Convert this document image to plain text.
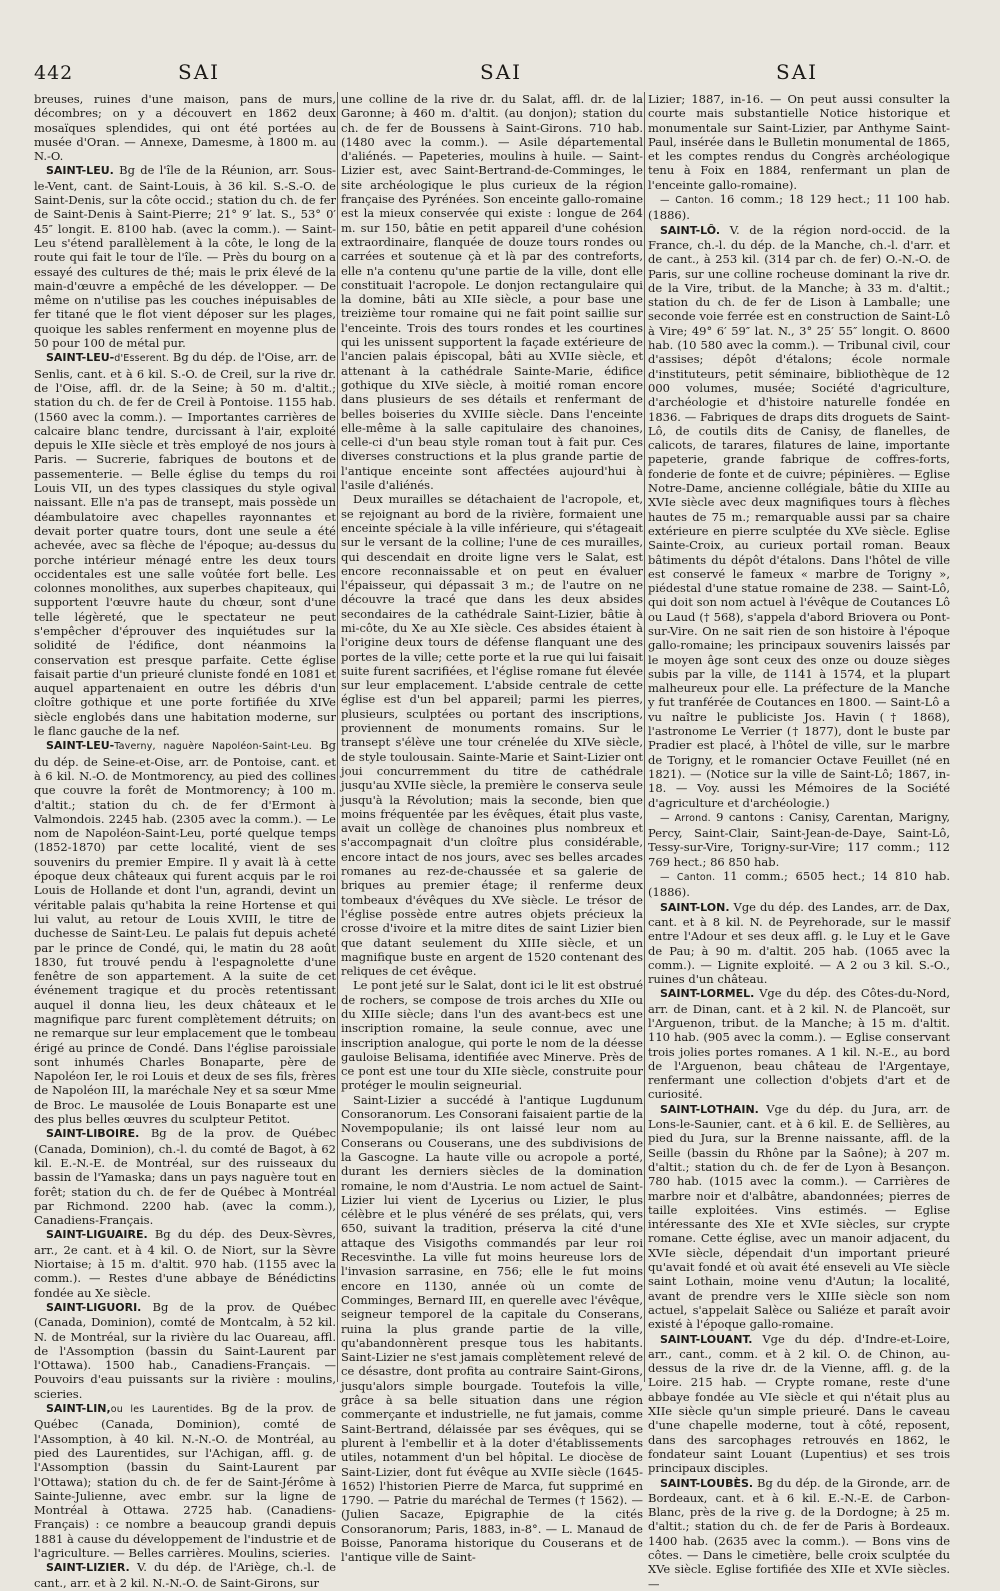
442	SAI	SAI	SAI

breuses, ruines d'une maison, pans de murs, décombres; on y a découvert en 1862 deux mosaïques splendides, qui ont été portées au musée d'Oran. — Annexe, Damesme, à 1800 m. au N.-O.

SAINT-LEU. Bg de l'île de la Réunion, arr. Sous-le-Vent, cant. de Saint-Louis, à 36 kil. S.-S.-O. de Saint-Denis, sur la côte occid.; station du ch. de fer de Saint-Denis à Saint-Pierre; 21° 9′ lat. S., 53° 0′ 45″ longit. E. 8100 hab. (avec la comm.). — Saint-Leu s'étend parallèlement à la côte, le long de la route qui fait le tour de l'île. — Près du bourg on a essayé des cultures de thé; mais le prix élevé de la main-d'œuvre a empêché de les développer. — De même on n'utilise pas les couches inépuisables de fer titané que le flot vient déposer sur les plages, quoique les sables renferment en moyenne plus de 50 pour 100 de métal pur.

SAINT-LEU-d'Esserent. Bg du dép. de l'Oise, arr. de Senlis, cant. et à 6 kil. S.-O. de Creil, sur la rive dr. de l'Oise, affl. dr. de la Seine; à 50 m. d'altit.; station du ch. de fer de Creil à Pontoise. 1155 hab. (1560 avec la comm.). — Importantes carrières de calcaire blanc tendre, durcissant à l'air, exploité depuis le XIIe siècle et très employé de nos jours à Paris. — Sucrerie, fabriques de boutons et de passementerie. — Belle église du temps du roi Louis VII, un des types classiques du style ogival naissant. Elle n'a pas de transept, mais possède un déambulatoire avec chapelles rayonnantes et devait porter quatre tours, dont une seule a été achevée, avec sa flèche de l'époque; au-dessus du porche intérieur ménagé entre les deux tours occidentales est une salle voûtée fort belle. Les colonnes monolithes, aux superbes chapiteaux, qui supportent l'œuvre haute du chœur, sont d'une telle légèreté, que le spectateur ne peut s'empêcher d'éprouver des inquiétudes sur la solidité de l'édifice, dont néanmoins la conservation est presque parfaite. Cette église faisait partie d'un prieuré cluniste fondé en 1081 et auquel appartenaient en outre les débris d'un cloître gothique et une porte fortifiée du XIVe siècle englobés dans une habitation moderne, sur le flanc gauche de la nef.

SAINT-LEU-Taverny, naguère Napoléon-Saint-Leu. Bg du dép. de Seine-et-Oise, arr. de Pontoise, cant. et à 6 kil. N.-O. de Montmorency, au pied des collines que couvre la forêt de Montmorency; à 100 m. d'altit.; station du ch. de fer d'Ermont à Valmondois. 2245 hab. (2305 avec la comm.). — Le nom de Napoléon-Saint-Leu, porté quelque temps (1852-1870) par cette localité, vient de ses souvenirs du premier Empire. Il y avait là à cette époque deux châteaux qui furent acquis par le roi Louis de Hollande et dont l'un, agrandi, devint un véritable palais qu'habita la reine Hortense et qui lui valut, au retour de Louis XVIII, le titre de duchesse de Saint-Leu. Le palais fut depuis acheté par le prince de Condé, qui, le matin du 28 août 1830, fut trouvé pendu à l'espagnolette d'une fenêtre de son appartement. A la suite de cet événement tragique et du procès retentissant auquel il donna lieu, les deux châteaux et le magnifique parc furent complètement détruits; on ne remarque sur leur emplacement que le tombeau érigé au prince de Condé. Dans l'église paroissiale sont inhumés Charles Bonaparte, père de Napoléon Ier, le roi Louis et deux de ses fils, frères de Napoléon III, la maréchale Ney et sa sœur Mme de Broc. Le mausolée de Louis Bonaparte est une des plus belles œuvres du sculpteur Petitot.

SAINT-LIBOIRE. Bg de la prov. de Québec (Canada, Dominion), ch.-l. du comté de Bagot, à 62 kil. E.-N.-E. de Montréal, sur des ruisseaux du bassin de l'Yamaska; dans un pays naguère tout en forêt; station du ch. de fer de Québec à Montréal par Richmond. 2200 hab. (avec la comm.), Canadiens-Français.

SAINT-LIGUAIRE. Bg du dép. des Deux-Sèvres, arr., 2e cant. et à 4 kil. O. de Niort, sur la Sèvre Niortaise; à 15 m. d'altit. 970 hab. (1155 avec la comm.). — Restes d'une abbaye de Bénédictins fondée au Xe siècle.

SAINT-LIGUORI. Bg de la prov. de Québec (Canada, Dominion), comté de Montcalm, à 52 kil. N. de Montréal, sur la rivière du lac Ouareau, affl. de l'Assomption (bassin du Saint-Laurent par l'Ottawa). 1500 hab., Canadiens-Français. — Pouvoirs d'eau puissants sur la rivière : moulins, scieries.

SAINT-LIN,ou les Laurentides. Bg de la prov. de Québec (Canada, Dominion), comté de l'Assomption, à 40 kil. N.-N.-O. de Montréal, au pied des Laurentides, sur l'Achigan, affl. g. de l'Assomption (bassin du Saint-Laurent par l'Ottawa); station du ch. de fer de Saint-Jérôme à Sainte-Julienne, avec embr. sur la ligne de Montréal à Ottawa. 2725 hab. (Canadiens-Français) : ce nombre a beaucoup grandi depuis 1881 à cause du développement de l'industrie et de l'agriculture. — Belles carrières. Moulins, scieries.

SAINT-LIZIER. V. du dép. de l'Ariège, ch.-l. de cant., arr. et à 2 kil. N.-N.-O. de Saint-Girons, sur

une colline de la rive dr. du Salat, affl. dr. de la Garonne; à 460 m. d'altit. (au donjon); station du ch. de fer de Boussens à Saint-Girons. 710 hab. (1480 avec la comm.). — Asile départemental d'aliénés. — Papeteries, moulins à huile. — Saint-Lizier est, avec Saint-Bertrand-de-Comminges, le site archéologique le plus curieux de la région française des Pyrénées. Son enceinte gallo-romaine est la mieux conservée qui existe : longue de 264 m. sur 150, bâtie en petit appareil d'une cohésion extraordinaire, flanquée de douze tours rondes ou carrées et soutenue çà et là par des contreforts, elle n'a contenu qu'une partie de la ville, dont elle constituait l'acropole. Le donjon rectangulaire qui la domine, bâti au XIIe siècle, a pour base une treizième tour romaine qui ne fait point saillie sur l'enceinte. Trois des tours rondes et les courtines qui les unissent supportent la façade extérieure de l'ancien palais épiscopal, bâti au XVIIe siècle, et attenant à la cathédrale Sainte-Marie, édifice gothique du XIVe siècle, à moitié roman encore dans plusieurs de ses détails et renfermant de belles boiseries du XVIIIe siècle. Dans l'enceinte elle-même à la salle capitulaire des chanoines, celle-ci d'un beau style roman tout à fait pur. Ces diverses constructions et la plus grande partie de l'antique enceinte sont affectées aujourd'hui à l'asile d'aliénés.

Deux murailles se détachaient de l'acropole, et, se rejoignant au bord de la rivière, formaient une enceinte spéciale à la ville inférieure, qui s'étageait sur le versant de la colline; l'une de ces murailles, qui descendait en droite ligne vers le Salat, est encore reconnaissable et on peut en évaluer l'épaisseur, qui dépassait 3 m.; de l'autre on ne découvre la tracé que dans les deux absides secondaires de la cathédrale Saint-Lizier, bâtie à mi-côte, du Xe au XIe siècle. Ces absides étaient à l'origine deux tours de défense flanquant une des portes de la ville; cette porte et la rue qui lui faisait suite furent sacrifiées, et l'église romane fut élevée sur leur emplacement. L'abside centrale de cette église est d'un bel appareil; parmi les pierres, plusieurs, sculptées ou portant des inscriptions, proviennent de monuments romains. Sur le transept s'élève une tour crénelée du XIVe siècle, de style toulousain. Sainte-Marie et Saint-Lizier ont joui concurremment du titre de cathédrale jusqu'au XVIIe siècle, la première le conserva seule jusqu'à la Révolution; mais la seconde, bien que moins fréquentée par les évêques, était plus vaste, avait un collège de chanoines plus nombreux et s'accompagnait d'un cloître plus considérable, encore intact de nos jours, avec ses belles arcades romanes au rez-de-chaussée et sa galerie de briques au premier étage; il renferme deux tombeaux d'évêques du XVe siècle. Le trésor de l'église possède entre autres objets précieux la crosse d'ivoire et la mitre dites de saint Lizier bien que datant seulement du XIIIe siècle, et un magnifique buste en argent de 1520 contenant des reliques de cet évêque.

Le pont jeté sur le Salat, dont ici le lit est obstrué de rochers, se compose de trois arches du XIIe ou du XIIIe siècle; dans l'un des avant-becs est une inscription romaine, la seule connue, avec une inscription analogue, qui porte le nom de la déesse gauloise Belisama, identifiée avec Minerve. Près de ce pont est une tour du XIIe siècle, construite pour protéger le moulin seigneurial.

Saint-Lizier a succédé à l'antique Lugdunum Consoranorum. Les Consorani faisaient partie de la Novempopulanie; ils ont laissé leur nom au Conserans ou Couserans, une des subdivisions de la Gascogne. La haute ville ou acropole a porté, durant les derniers siècles de la domination romaine, le nom d'Austria. Le nom actuel de Saint-Lizier lui vient de Lycerius ou Lizier, le plus célèbre et le plus vénéré de ses prélats, qui, vers 650, suivant la tradition, préserva la cité d'une attaque des Visigoths commandés par leur roi Recesvinthe. La ville fut moins heureuse lors de l'invasion sarrasine, en 756; elle le fut moins encore en 1130, année où un comte de Comminges, Bernard III, en querelle avec l'évêque, seigneur temporel de la capitale du Conserans, ruina la plus grande partie de la ville, qu'abandonnèrent presque tous les habitants. Saint-Lizier ne s'est jamais complètement relevé de ce désastre, dont profita au contraire Saint-Girons, jusqu'alors simple bourgade. Toutefois la ville, grâce à sa belle situation dans une région commerçante et industrielle, ne fut jamais, comme Saint-Bertrand, délaissée par ses évêques, qui se plurent à l'embellir et à la doter d'établissements utiles, notamment d'un bel hôpital. Le diocèse de Saint-Lizier, dont fut évêque au XVIIe siècle (1645-1652) l'historien Pierre de Marca, fut supprimé en 1790. — Patrie du maréchal de Termes († 1562). — (Julien Sacaze, Epigraphie de la cités Consoranorum; Paris, 1883, in-8°. — L. Manaud de Boisse, Panorama historique du Couserans et de l'antique ville de Saint-

Lizier; 1887, in-16. — On peut aussi consulter la courte mais substantielle Notice historique et monumentale sur Saint-Lizier, par Anthyme Saint-Paul, insérée dans le Bulletin monumental de 1865, et les comptes rendus du Congrès archéologique tenu à Foix en 1884, renfermant un plan de l'enceinte gallo-romaine).

— Canton. 16 comm.; 18 129 hect.; 11 100 hab. (1886).

SAINT-LÔ. V. de la région nord-occid. de la France, ch.-l. du dép. de la Manche, ch.-l. d'arr. et de cant., à 253 kil. (314 par ch. de fer) O.-N.-O. de Paris, sur une colline rocheuse dominant la rive dr. de la Vire, tribut. de la Manche; à 33 m. d'altit.; station du ch. de fer de Lison à Lamballe; une seconde voie ferrée est en construction de Saint-Lô à Vire; 49° 6′ 59″ lat. N., 3° 25′ 55″ longit. O. 8600 hab. (10 580 avec la comm.). — Tribunal civil, cour d'assises; dépôt d'étalons; école normale d'instituteurs, petit séminaire, bibliothèque de 12 000 volumes, musée; Société d'agriculture, d'archéologie et d'histoire naturelle fondée en 1836. — Fabriques de draps dits droguets de Saint-Lô, de coutils dits de Canisy, de flanelles, de calicots, de tarares, filatures de laine, importante papeterie, grande fabrique de coffres-forts, fonderie de fonte et de cuivre; pépinières. — Eglise Notre-Dame, ancienne collégiale, bâtie du XIIIe au XVIe siècle avec deux magnifiques tours à flèches hautes de 75 m.; remarquable aussi par sa chaire extérieure en pierre sculptée du XVe siècle. Eglise Sainte-Croix, au curieux portail roman. Beaux bâtiments du dépôt d'étalons. Dans l'hôtel de ville est conservé le fameux « marbre de Torigny », piédestal d'une statue romaine de 238. — Saint-Lô, qui doit son nom actuel à l'évêque de Coutances Lô ou Laud († 568), s'appela d'abord Briovera ou Pont-sur-Vire. On ne sait rien de son histoire à l'époque gallo-romaine; les principaux souvenirs laissés par le moyen âge sont ceux des onze ou douze sièges subis par la ville, de 1141 à 1574, et la plupart malheureux pour elle. La préfecture de la Manche y fut tranférée de Coutances en 1800. — Saint-Lô a vu naître le publiciste Jos. Havin († 1868), l'astronome Le Verrier († 1877), dont le buste par Pradier est placé, à l'hôtel de ville, sur le marbre de Torigny, et le romancier Octave Feuillet (né en 1821). — (Notice sur la ville de Saint-Lô; 1867, in-18. — Voy. aussi les Mémoires de la Société d'agriculture et d'archéologie.)

— Arrond. 9 cantons : Canisy, Carentan, Marigny, Percy, Saint-Clair, Saint-Jean-de-Daye, Saint-Lô, Tessy-sur-Vire, Torigny-sur-Vire; 117 comm.; 112 769 hect.; 86 850 hab.

— Canton. 11 comm.; 6505 hect.; 14 810 hab. (1886).

SAINT-LON. Vge du dép. des Landes, arr. de Dax, cant. et à 8 kil. N. de Peyrehorade, sur le massif entre l'Adour et ses deux affl. g. le Luy et le Gave de Pau; à 90 m. d'altit. 205 hab. (1065 avec la comm.). — Lignite exploité. — A 2 ou 3 kil. S.-O., ruines d'un château.

SAINT-LORMEL. Vge du dép. des Côtes-du-Nord, arr. de Dinan, cant. et à 2 kil. N. de Plancoët, sur l'Arguenon, tribut. de la Manche; à 15 m. d'altit. 110 hab. (905 avec la comm.). — Eglise conservant trois jolies portes romanes. A 1 kil. N.-E., au bord de l'Arguenon, beau château de l'Argentaye, renfermant une collection d'objets d'art et de curiosité.

SAINT-LOTHAIN. Vge du dép. du Jura, arr. de Lons-le-Saunier, cant. et à 6 kil. E. de Sellières, au pied du Jura, sur la Brenne naissante, affl. de la Seille (bassin du Rhône par la Saône); à 207 m. d'altit.; station du ch. de fer de Lyon à Besançon. 780 hab. (1015 avec la comm.). — Carrières de marbre noir et d'albâtre, abandonnées; pierres de taille exploitées. Vins estimés. — Eglise intéressante des XIe et XVIe siècles, sur crypte romane. Cette église, avec un manoir adjacent, du XVIe siècle, dépendait d'un important prieuré qu'avait fondé et où avait été enseveli au VIe siècle saint Lothain, moine venu d'Autun; la localité, avant de prendre vers le XIIIe siècle son nom actuel, s'appelait Salèce ou Saliéze et paraît avoir existé à l'époque gallo-romaine.

SAINT-LOUANT. Vge du dép. d'Indre-et-Loire, arr., cant., comm. et à 2 kil. O. de Chinon, au-dessus de la rive dr. de la Vienne, affl. g. de la Loire. 215 hab. — Crypte romane, reste d'une abbaye fondée au VIe siècle et qui n'était plus au XIIe siècle qu'un simple prieuré. Dans le caveau d'une chapelle moderne, tout à côté, reposent, dans des sarcophages retrouvés en 1862, le fondateur saint Louant (Lupentius) et ses trois principaux disciples.

SAINT-LOUBÈS. Bg du dép. de la Gironde, arr. de Bordeaux, cant. et à 6 kil. E.-N.-E. de Carbon-Blanc, près de la rive g. de la Dordogne; à 25 m. d'altit.; station du ch. de fer de Paris à Bordeaux. 1400 hab. (2635 avec la comm.). — Bons vins de côtes. — Dans le cimetière, belle croix sculptée du XVe siècle. Eglise fortifiée des XIIe et XVIe siècles. —
